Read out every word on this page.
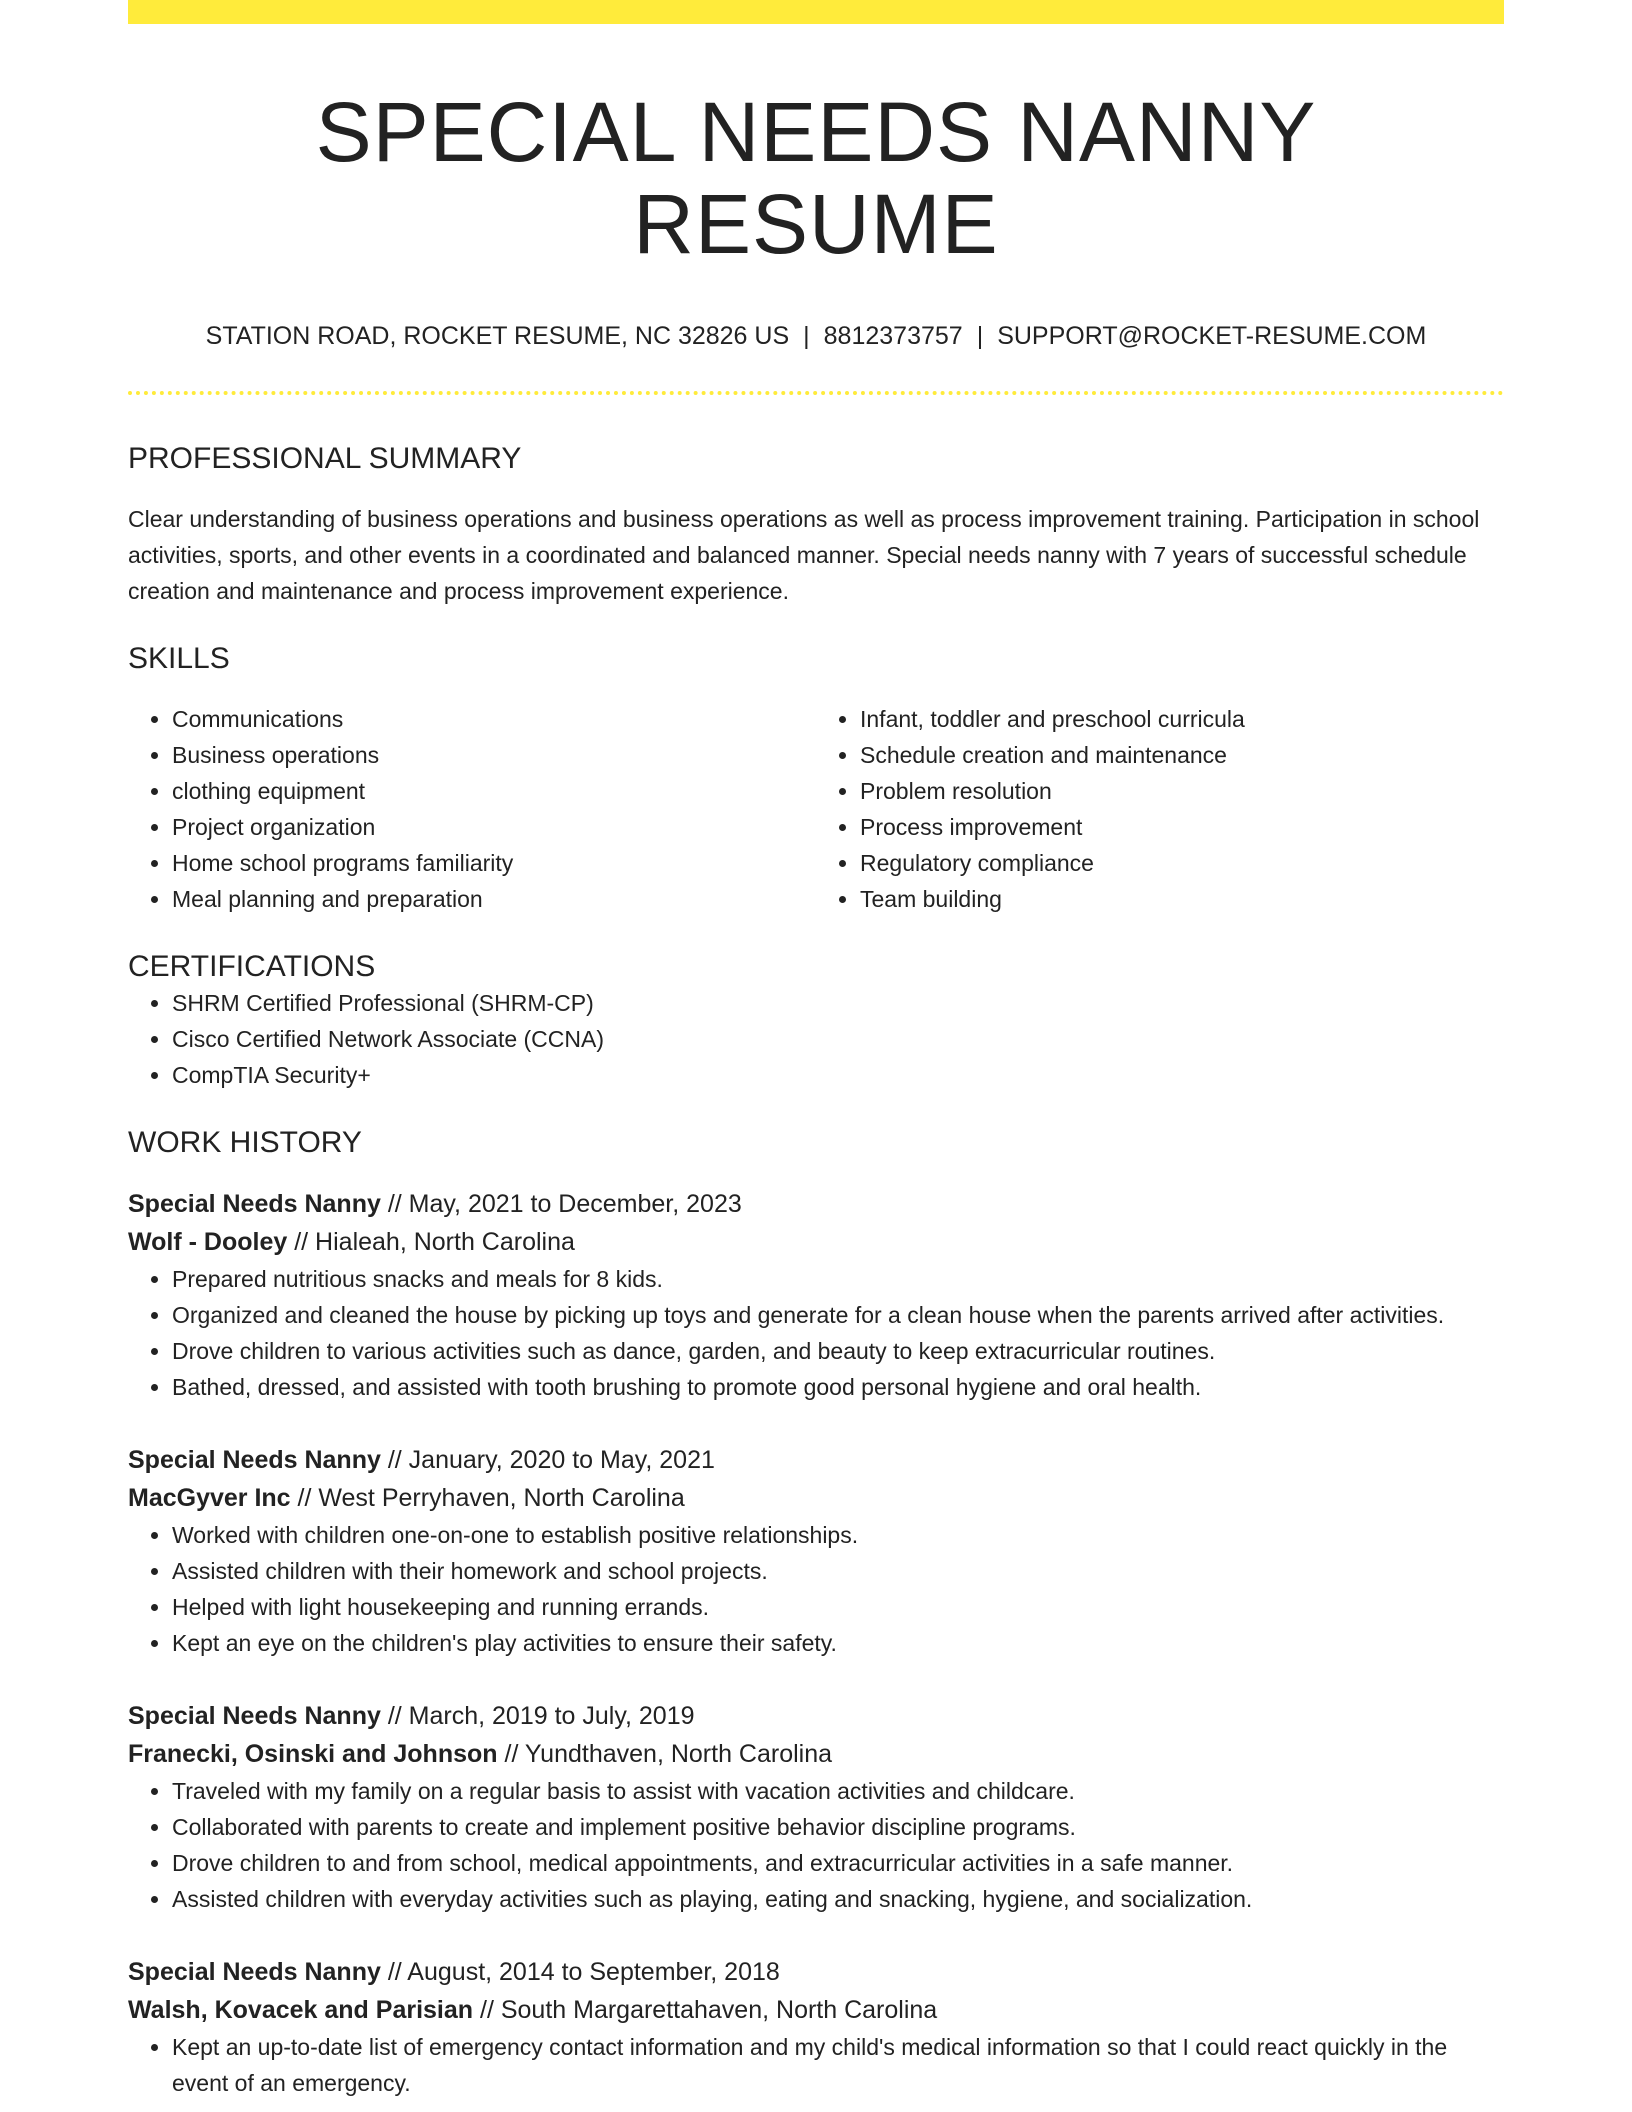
SPECIAL NEEDS NANNY RESUME
STATION ROAD, ROCKET RESUME, NC 32826 US | 8812373757 | SUPPORT@ROCKET-RESUME.COM
PROFESSIONAL SUMMARY

Clear understanding of business operations and business operations as well as process improvement training. Participation in school activities, sports, and other events in a coordinated and balanced manner. Special needs nanny with 7 years of successful schedule creation and maintenance and process improvement experience.

SKILLS
• Communications
• Business operations
• clothing equipment
• Project organization
• Home school programs familiarity
• Meal planning and preparation
• Infant, toddler and preschool curricula
• Schedule creation and maintenance
• Problem resolution
• Process improvement
• Regulatory compliance
• Team building
CERTIFICATIONS
• SHRM Certified Professional (SHRM-CP)
• Cisco Certified Network Associate (CCNA)
• CompTIA Security+
WORK HISTORY
Special Needs Nanny // May, 2021 to December, 2023
Wolf - Dooley // Hialeah, North Carolina
• Prepared nutritious snacks and meals for 8 kids.
• Organized and cleaned the house by picking up toys and generate for a clean house when the parents arrived after activities.
• Drove children to various activities such as dance, garden, and beauty to keep extracurricular routines.
• Bathed, dressed, and assisted with tooth brushing to promote good personal hygiene and oral health.
Special Needs Nanny // January, 2020 to May, 2021
MacGyver Inc // West Perryhaven, North Carolina
• Worked with children one-on-one to establish positive relationships.
• Assisted children with their homework and school projects.
• Helped with light housekeeping and running errands.
• Kept an eye on the children's play activities to ensure their safety.
Special Needs Nanny // March, 2019 to July, 2019
Franecki, Osinski and Johnson // Yundthaven, North Carolina
• Traveled with my family on a regular basis to assist with vacation activities and childcare.
• Collaborated with parents to create and implement positive behavior discipline programs.
• Drove children to and from school, medical appointments, and extracurricular activities in a safe manner.
• Assisted children with everyday activities such as playing, eating and snacking, hygiene, and socialization.
Special Needs Nanny // August, 2014 to September, 2018
Walsh, Kovacek and Parisian // South Margarettahaven, North Carolina
• Kept an up-to-date list of emergency contact information and my child's medical information so that I could react quickly in the event of an emergency.
